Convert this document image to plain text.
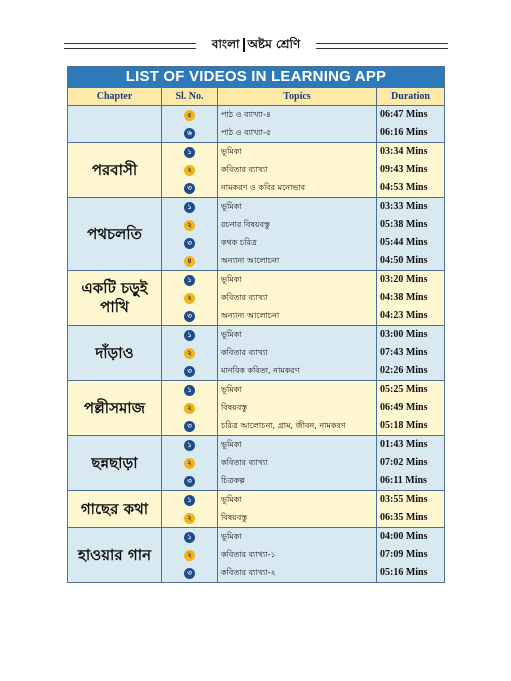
বাংলা অষ্টম শ্রেণি
LIST OF VIDEOS IN LEARNING APP
Chapter	Sl. No.	Topics	Duration
৫	পাঠ ও ব্যাখ্যা-৪	06:47 Mins
৬	পাঠ ও ব্যাখ্যা-৫	06:16 Mins
পরবাসী
১	ভূমিকা	03:34 Mins
২	কবিতার ব্যাখ্যা	09:43 Mins
৩	নামকরণ ও কবির মনোভাব	04:53 Mins
পথচলতি
১	ভূমিকা	03:33 Mins
২	রচনার বিষয়বস্তু	05:38 Mins
৩	কথক চরিত্র	05:44 Mins
৪	অন্যান্য আলোচনা	04:50 Mins
একটি চড়ুই পাখি
১	ভূমিকা	03:20 Mins
২	কবিতার ব্যাখ্যা	04:38 Mins
৩	অন্যান্য আলোচনা	04:23 Mins
দাঁড়াও
১	ভূমিকা	03:00 Mins
২	কবিতার ব্যাখ্যা	07:43 Mins
৩	মানবিক কবিতা, নামকরণ	02:26 Mins
পল্লীসমাজ
১	ভূমিকা	05:25 Mins
২	বিষয়বস্তু	06:49 Mins
৩	চরিত্র আলোচনা, গ্রাম, জীবন, নামকরণ	05:18 Mins
ছন্নছাড়া
১	ভূমিকা	01:43 Mins
২	কবিতার ব্যাখ্যা	07:02 Mins
৩	চিত্রকল্প	06:11 Mins
গাছের কথা	১	ভূমিকা	03:55 Mins
২	বিষয়বস্তু	06:35 Mins
হাওয়ার গান
১	ভূমিকা	04:00 Mins
২	কবিতার ব্যাখ্যা-১	07:09 Mins
৩	কবিতার ব্যাখ্যা-২	05:16 Mins
